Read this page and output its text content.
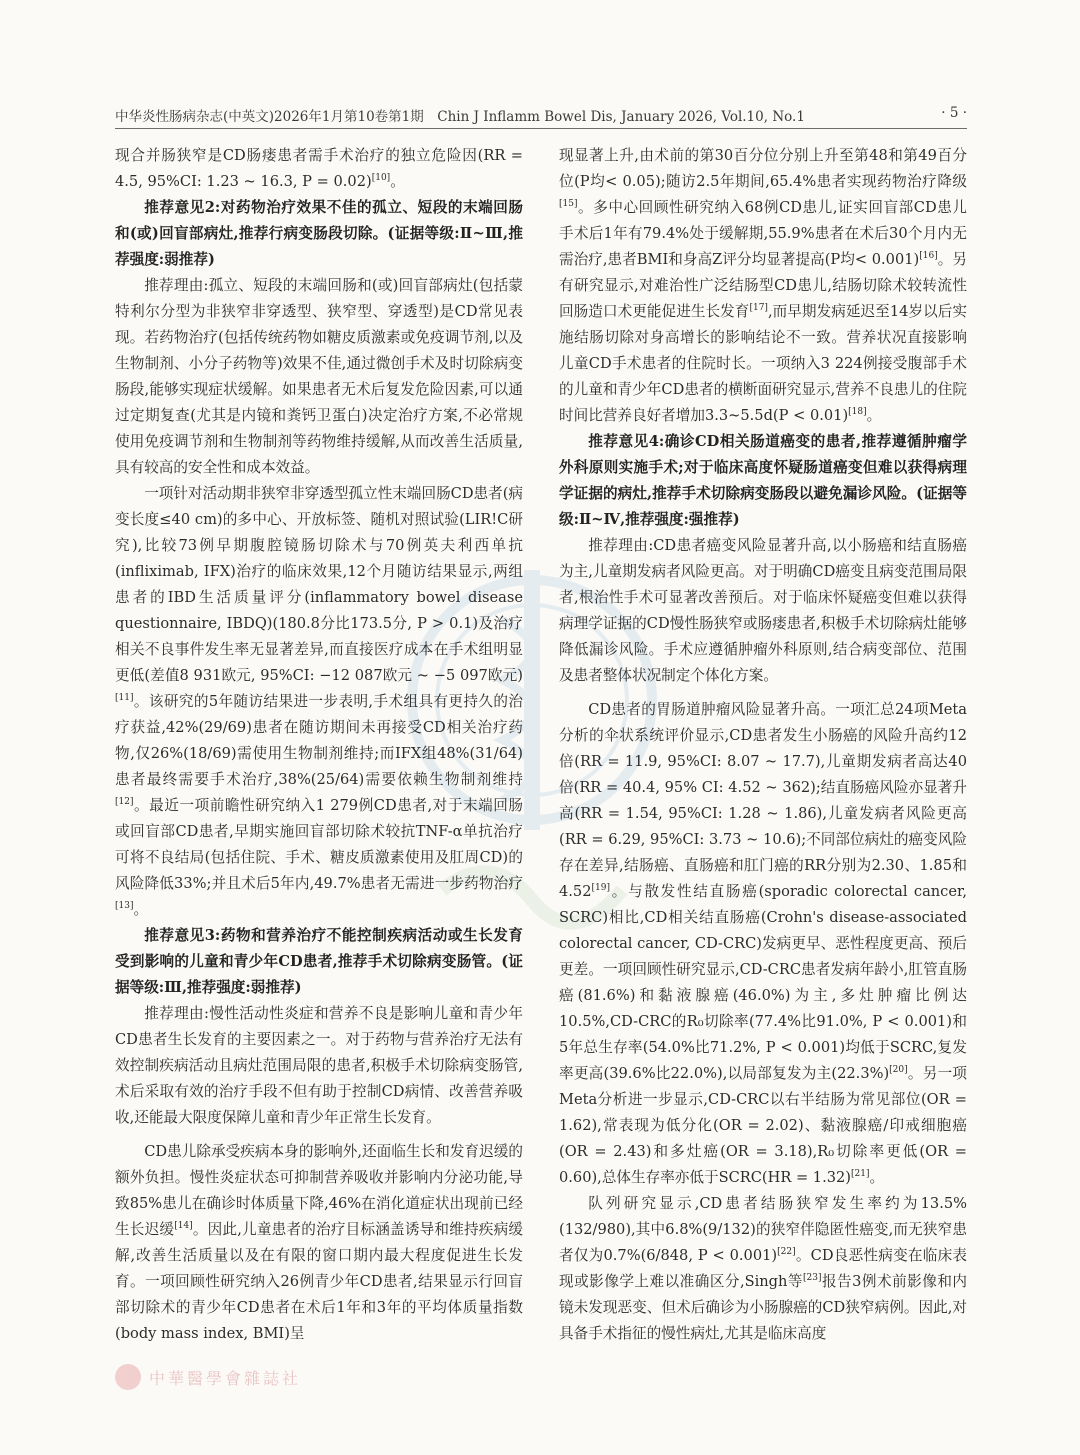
中华炎性肠病杂志(中英文)2026年1月第10卷第1期　Chin J Inflamm Bowel Dis, January 2026, Vol.10, No.1	· 5 ·

现合并肠狭窄是CD肠瘘患者需手术治疗的独立危险因(RR = 4.5, 95%CI: 1.23 ~ 16.3, P = 0.02)[10]。

推荐意见2:对药物治疗效果不佳的孤立、短段的末端回肠和(或)回盲部病灶,推荐行病变肠段切除。(证据等级:Ⅱ~Ⅲ,推荐强度:弱推荐)

推荐理由:孤立、短段的末端回肠和(或)回盲部病灶(包括蒙特利尔分型为非狭窄非穿透型、狭窄型、穿透型)是CD常见表现。若药物治疗(包括传统药物如糖皮质激素或免疫调节剂,以及生物制剂、小分子药物等)效果不佳,通过微创手术及时切除病变肠段,能够实现症状缓解。如果患者无术后复发危险因素,可以通过定期复查(尤其是内镜和粪钙卫蛋白)决定治疗方案,不必常规使用免疫调节剂和生物制剂等药物维持缓解,从而改善生活质量,具有较高的安全性和成本效益。

一项针对活动期非狭窄非穿透型孤立性末端回肠CD患者(病变长度≤40 cm)的多中心、开放标签、随机对照试验(LIR!C研究),比较73例早期腹腔镜肠切除术与70例英夫利西单抗(infliximab, IFX)治疗的临床效果,12个月随访结果显示,两组患者的IBD生活质量评分(inflammatory bowel disease questionnaire, IBDQ)(180.8分比173.5分, P > 0.1)及治疗相关不良事件发生率无显著差异,而直接医疗成本在手术组明显更低(差值8 931欧元, 95%CI: −12 087欧元 ~ −5 097欧元)[11]。该研究的5年随访结果进一步表明,手术组具有更持久的治疗获益,42%(29/69)患者在随访期间未再接受CD相关治疗药物,仅26%(18/69)需使用生物制剂维持;而IFX组48%(31/64)患者最终需要手术治疗,38%(25/64)需要依赖生物制剂维持[12]。最近一项前瞻性研究纳入1 279例CD患者,对于末端回肠或回盲部CD患者,早期实施回盲部切除术较抗TNF-α单抗治疗可将不良结局(包括住院、手术、糖皮质激素使用及肛周CD)的风险降低33%;并且术后5年内,49.7%患者无需进一步药物治疗[13]。

推荐意见3:药物和营养治疗不能控制疾病活动或生长发育受到影响的儿童和青少年CD患者,推荐手术切除病变肠管。(证据等级:Ⅲ,推荐强度:弱推荐)

推荐理由:慢性活动性炎症和营养不良是影响儿童和青少年CD患者生长发育的主要因素之一。对于药物与营养治疗无法有效控制疾病活动且病灶范围局限的患者,积极手术切除病变肠管,术后采取有效的治疗手段不但有助于控制CD病情、改善营养吸收,还能最大限度保障儿童和青少年正常生长发育。

CD患儿除承受疾病本身的影响外,还面临生长和发育迟缓的额外负担。慢性炎症状态可抑制营养吸收并影响内分泌功能,导致85%患儿在确诊时体质量下降,46%在消化道症状出现前已经生长迟缓[14]。因此,儿童患者的治疗目标涵盖诱导和维持疾病缓解,改善生活质量以及在有限的窗口期内最大程度促进生长发育。一项回顾性研究纳入26例青少年CD患者,结果显示行回盲部切除术的青少年CD患者在术后1年和3年的平均体质量指数(body mass index, BMI)呈

现显著上升,由术前的第30百分位分别上升至第48和第49百分位(P均< 0.05);随访2.5年期间,65.4%患者实现药物治疗降级[15]。多中心回顾性研究纳入68例CD患儿,证实回盲部CD患儿手术后1年有79.4%处于缓解期,55.9%患者在术后30个月内无需治疗,患者BMI和身高Z评分均显著提高(P均< 0.001)[16]。另有研究显示,对难治性广泛结肠型CD患儿,结肠切除术较转流性回肠造口术更能促进生长发育[17],而早期发病延迟至14岁以后实施结肠切除对身高增长的影响结论不一致。营养状况直接影响儿童CD手术患者的住院时长。一项纳入3 224例接受腹部手术的儿童和青少年CD患者的横断面研究显示,营养不良患儿的住院时间比营养良好者增加3.3~5.5d(P < 0.01)[18]。

推荐意见4:确诊CD相关肠道癌变的患者,推荐遵循肿瘤学外科原则实施手术;对于临床高度怀疑肠道癌变但难以获得病理学证据的病灶,推荐手术切除病变肠段以避免漏诊风险。(证据等级:Ⅱ~Ⅳ,推荐强度:强推荐)

推荐理由:CD患者癌变风险显著升高,以小肠癌和结直肠癌为主,儿童期发病者风险更高。对于明确CD癌变且病变范围局限者,根治性手术可显著改善预后。对于临床怀疑癌变但难以获得病理学证据的CD慢性肠狭窄或肠瘘患者,积极手术切除病灶能够降低漏诊风险。手术应遵循肿瘤外科原则,结合病变部位、范围及患者整体状况制定个体化方案。

CD患者的胃肠道肿瘤风险显著升高。一项汇总24项Meta分析的伞状系统评价显示,CD患者发生小肠癌的风险升高约12倍(RR = 11.9, 95%CI: 8.07 ~ 17.7),儿童期发病者高达40倍(RR = 40.4, 95% CI: 4.52 ~ 362);结直肠癌风险亦显著升高(RR = 1.54, 95%CI: 1.28 ~ 1.86),儿童发病者风险更高(RR = 6.29, 95%CI: 3.73 ~ 10.6);不同部位病灶的癌变风险存在差异,结肠癌、直肠癌和肛门癌的RR分别为2.30、1.85和4.52[19]。与散发性结直肠癌(sporadic colorectal cancer, SCRC)相比,CD相关结直肠癌(Crohn's disease-associated colorectal cancer, CD-CRC)发病更早、恶性程度更高、预后更差。一项回顾性研究显示,CD-CRC患者发病年龄小,肛管直肠癌(81.6%)和黏液腺癌(46.0%)为主,多灶肿瘤比例达10.5%,CD-CRC的R₀切除率(77.4%比91.0%, P < 0.001)和5年总生存率(54.0%比71.2%, P < 0.001)均低于SCRC,复发率更高(39.6%比22.0%),以局部复发为主(22.3%)[20]。另一项Meta分析进一步显示,CD-CRC以右半结肠为常见部位(OR = 1.62),常表现为低分化(OR = 2.02)、黏液腺癌/印戒细胞癌(OR = 2.43)和多灶癌(OR = 3.18),R₀切除率更低(OR = 0.60),总体生存率亦低于SCRC(HR = 1.32)[21]。

队列研究显示,CD患者结肠狭窄发生率约为13.5%(132/980),其中6.8%(9/132)的狭窄伴隐匿性癌变,而无狭窄患者仅为0.7%(6/848, P < 0.001)[22]。CD良恶性病变在临床表现或影像学上难以准确区分,Singh等[23]报告3例术前影像和内镜未发现恶变、但术后确诊为小肠腺癌的CD狭窄病例。因此,对具备手术指征的慢性病灶,尤其是临床高度

中華醫學會雜誌社
